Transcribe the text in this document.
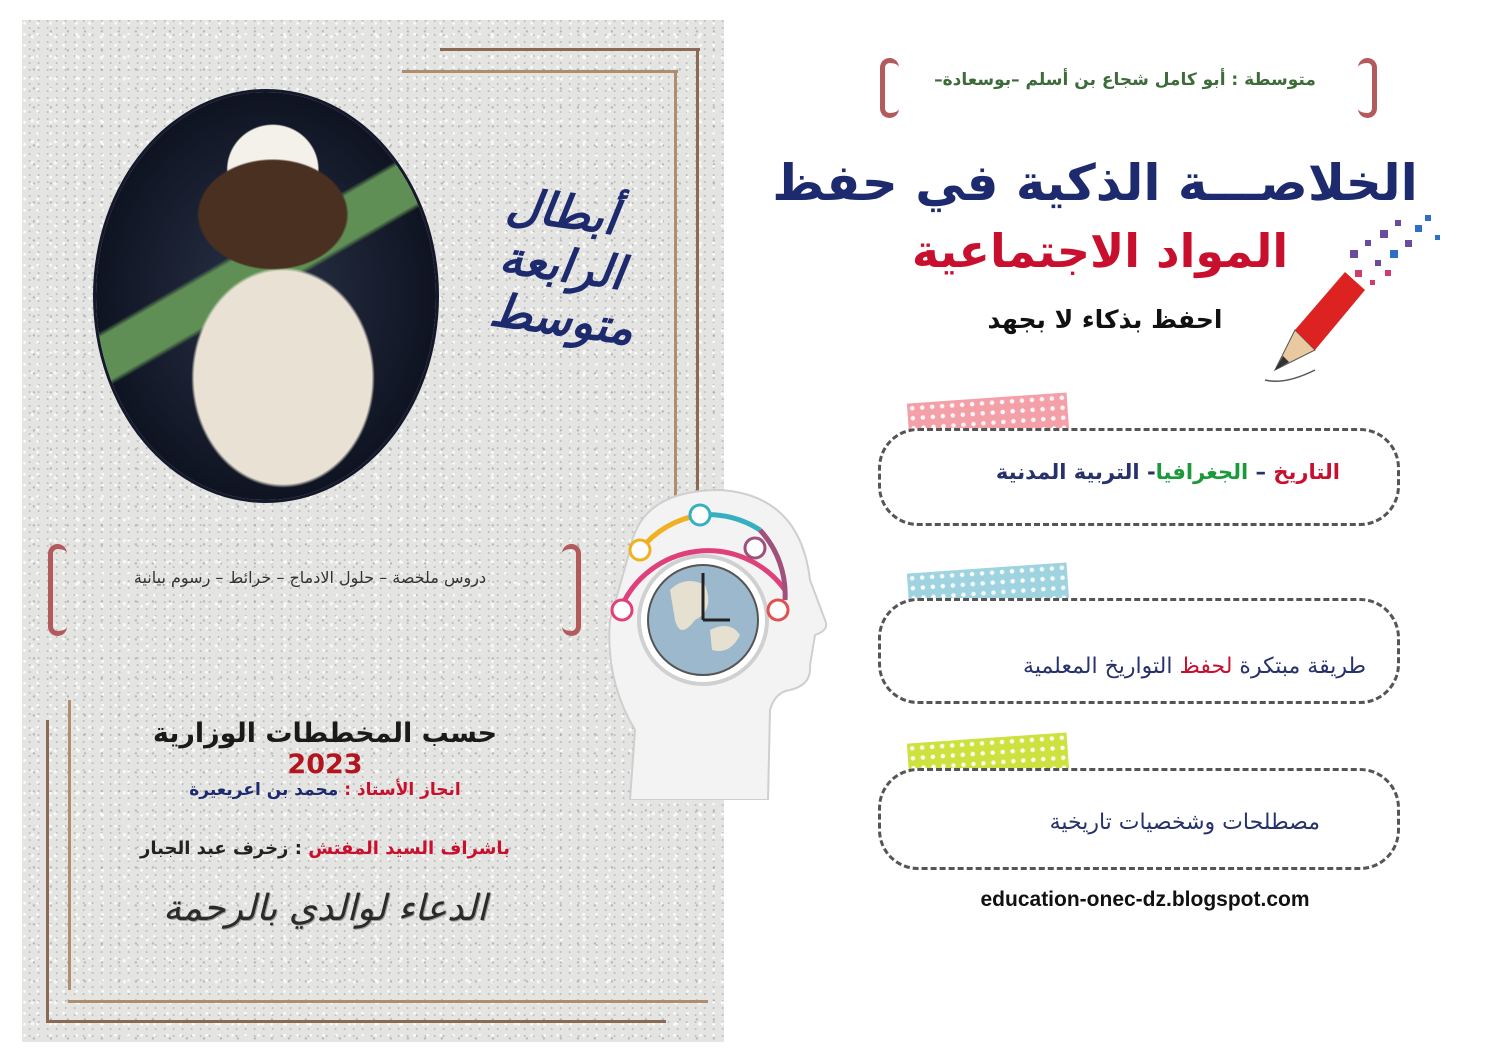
أبطال
الرابعة
متوسط
دروس ملخصة – حلول الادماج – خرائط – رسوم بيانية
حسب المخططات الوزارية 2023
انجاز الأستاذ : محمد بن اعريعيرة
باشراف السيد المفتش : زخرف عبد الجبار
الدعاء لوالدي بالرحمة
متوسطة : أبو كامل شجاع بن أسلم –بوسعادة–
الخلاصـــة الذكية في حفظ
المواد الاجتماعية
احفظ بذكاء لا بجهد
التاريخ – الجغرافيا- التربية المدنية
طريقة مبتكرة لحفظ التواريخ المعلمية
مصطلحات وشخصيات تاريخية
education-onec-dz.blogspot.com
